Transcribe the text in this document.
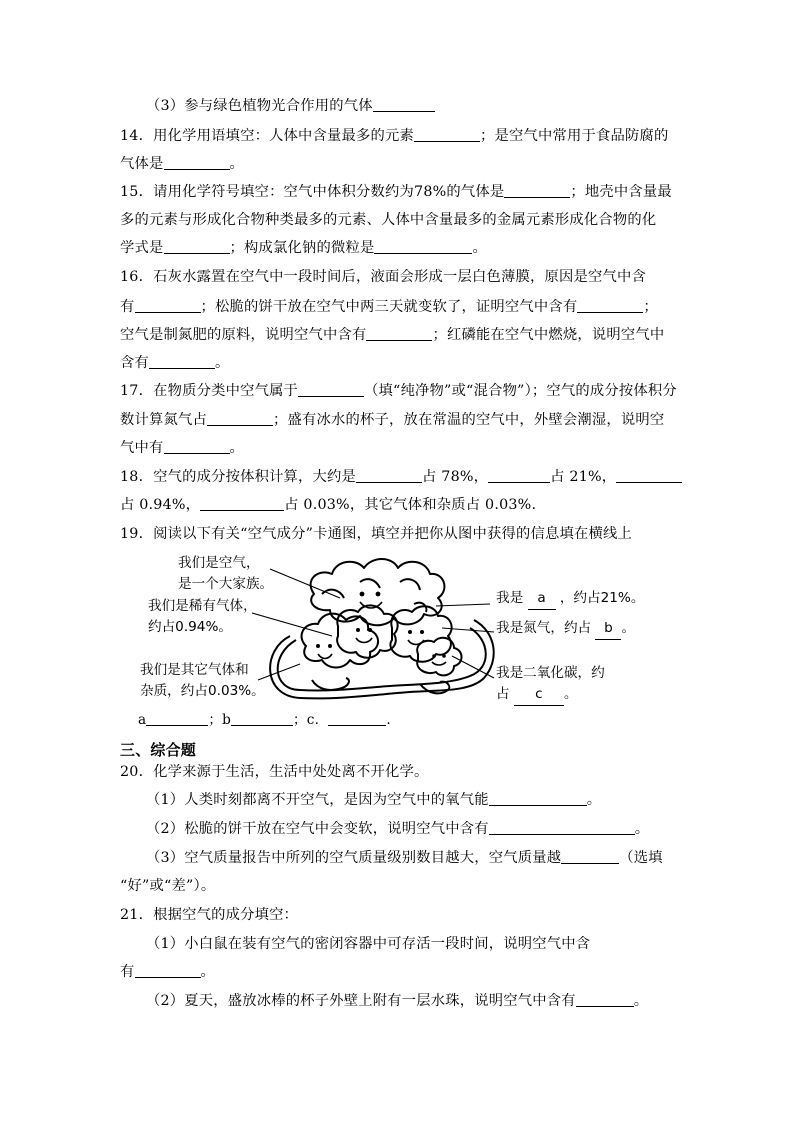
（3）参与绿色植物光合作用的气体
14．用化学用语填空：人体中含量最多的元素	；是空气中常用于食品防腐的
气体是	。
15．请用化学符号填空：空气中体积分数约为78%的气体是	；地壳中含量最
多的元素与形成化合物种类最多的元素、人体中含量最多的金属元素形成化合物的化
学式是	；构成氯化钠的微粒是	。
16．石灰水露置在空气中一段时间后，液面会形成一层白色薄膜，原因是空气中含
有	；松脆的饼干放在空气中两三天就变软了，证明空气中含有	；
空气是制氮肥的原料，说明空气中含有	；红磷能在空气中燃烧，说明空气中
含有	。
17．在物质分类中空气属于	（填“纯净物”或“混合物”）；空气的成分按体积分
数计算氮气占	；盛有冰水的杯子，放在常温的空气中，外壁会潮湿，说明空
气中有	。
18．空气的成分按体积计算，大约是	占 78%，	占 21%，
占 0.94%，	占 0.03%，其它气体和杂质占 0.03%.
19．阅读以下有关“空气成分”卡通图，填空并把你从图中获得的信息填在横线上
我们是空气，
是一个大家族。
我们是稀有气体，
约占0.94%。
我们是其它气体和
杂质，约占0.03%。
我是 a ，约占21%。
我是氮气，约占 b 。
我是二氧化碳，约
占 c 。
a	；b	；c．	.
三、综合题
20．化学来源于生活，生活中处处离不开化学。
（1）人类时刻都离不开空气，是因为空气中的氧气能	。
（2）松脆的饼干放在空气中会变软，说明空气中含有	。
（3）空气质量报告中所列的空气质量级别数目越大，空气质量越	（选填
“好”或“差”）。
21．根据空气的成分填空：
（1）小白鼠在装有空气的密闭容器中可存活一段时间，说明空气中含
有	。
（2）夏天，盛放冰棒的杯子外壁上附有一层水珠，说明空气中含有	。
